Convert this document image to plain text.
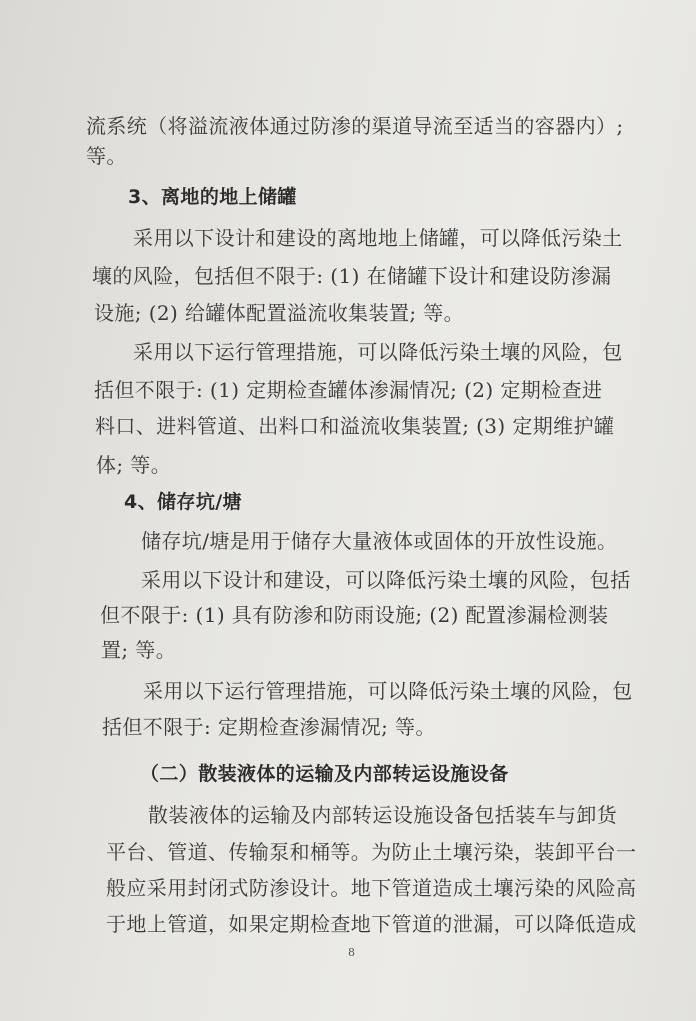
流系统（将溢流液体通过防渗的渠道导流至适当的容器内）;
等。
3、离地的地上储罐
采用以下设计和建设的离地地上储罐，可以降低污染土
壤的风险，包括但不限于: (1) 在储罐下设计和建设防渗漏
设施; (2) 给罐体配置溢流收集装置; 等。
采用以下运行管理措施，可以降低污染土壤的风险，包
括但不限于: (1) 定期检查罐体渗漏情况; (2) 定期检查进
料口、进料管道、出料口和溢流收集装置; (3) 定期维护罐
体; 等。
4、储存坑/塘
储存坑/塘是用于储存大量液体或固体的开放性设施。
采用以下设计和建设，可以降低污染土壤的风险，包括
但不限于: (1) 具有防渗和防雨设施; (2) 配置渗漏检测装
置; 等。
采用以下运行管理措施，可以降低污染土壤的风险，包
括但不限于: 定期检查渗漏情况; 等。
（二）散装液体的运输及内部转运设施设备
散装液体的运输及内部转运设施设备包括装车与卸货
平台、管道、传输泵和桶等。为防止土壤污染，装卸平台一
般应采用封闭式防渗设计。地下管道造成土壤污染的风险高
于地上管道，如果定期检查地下管道的泄漏，可以降低造成
8
